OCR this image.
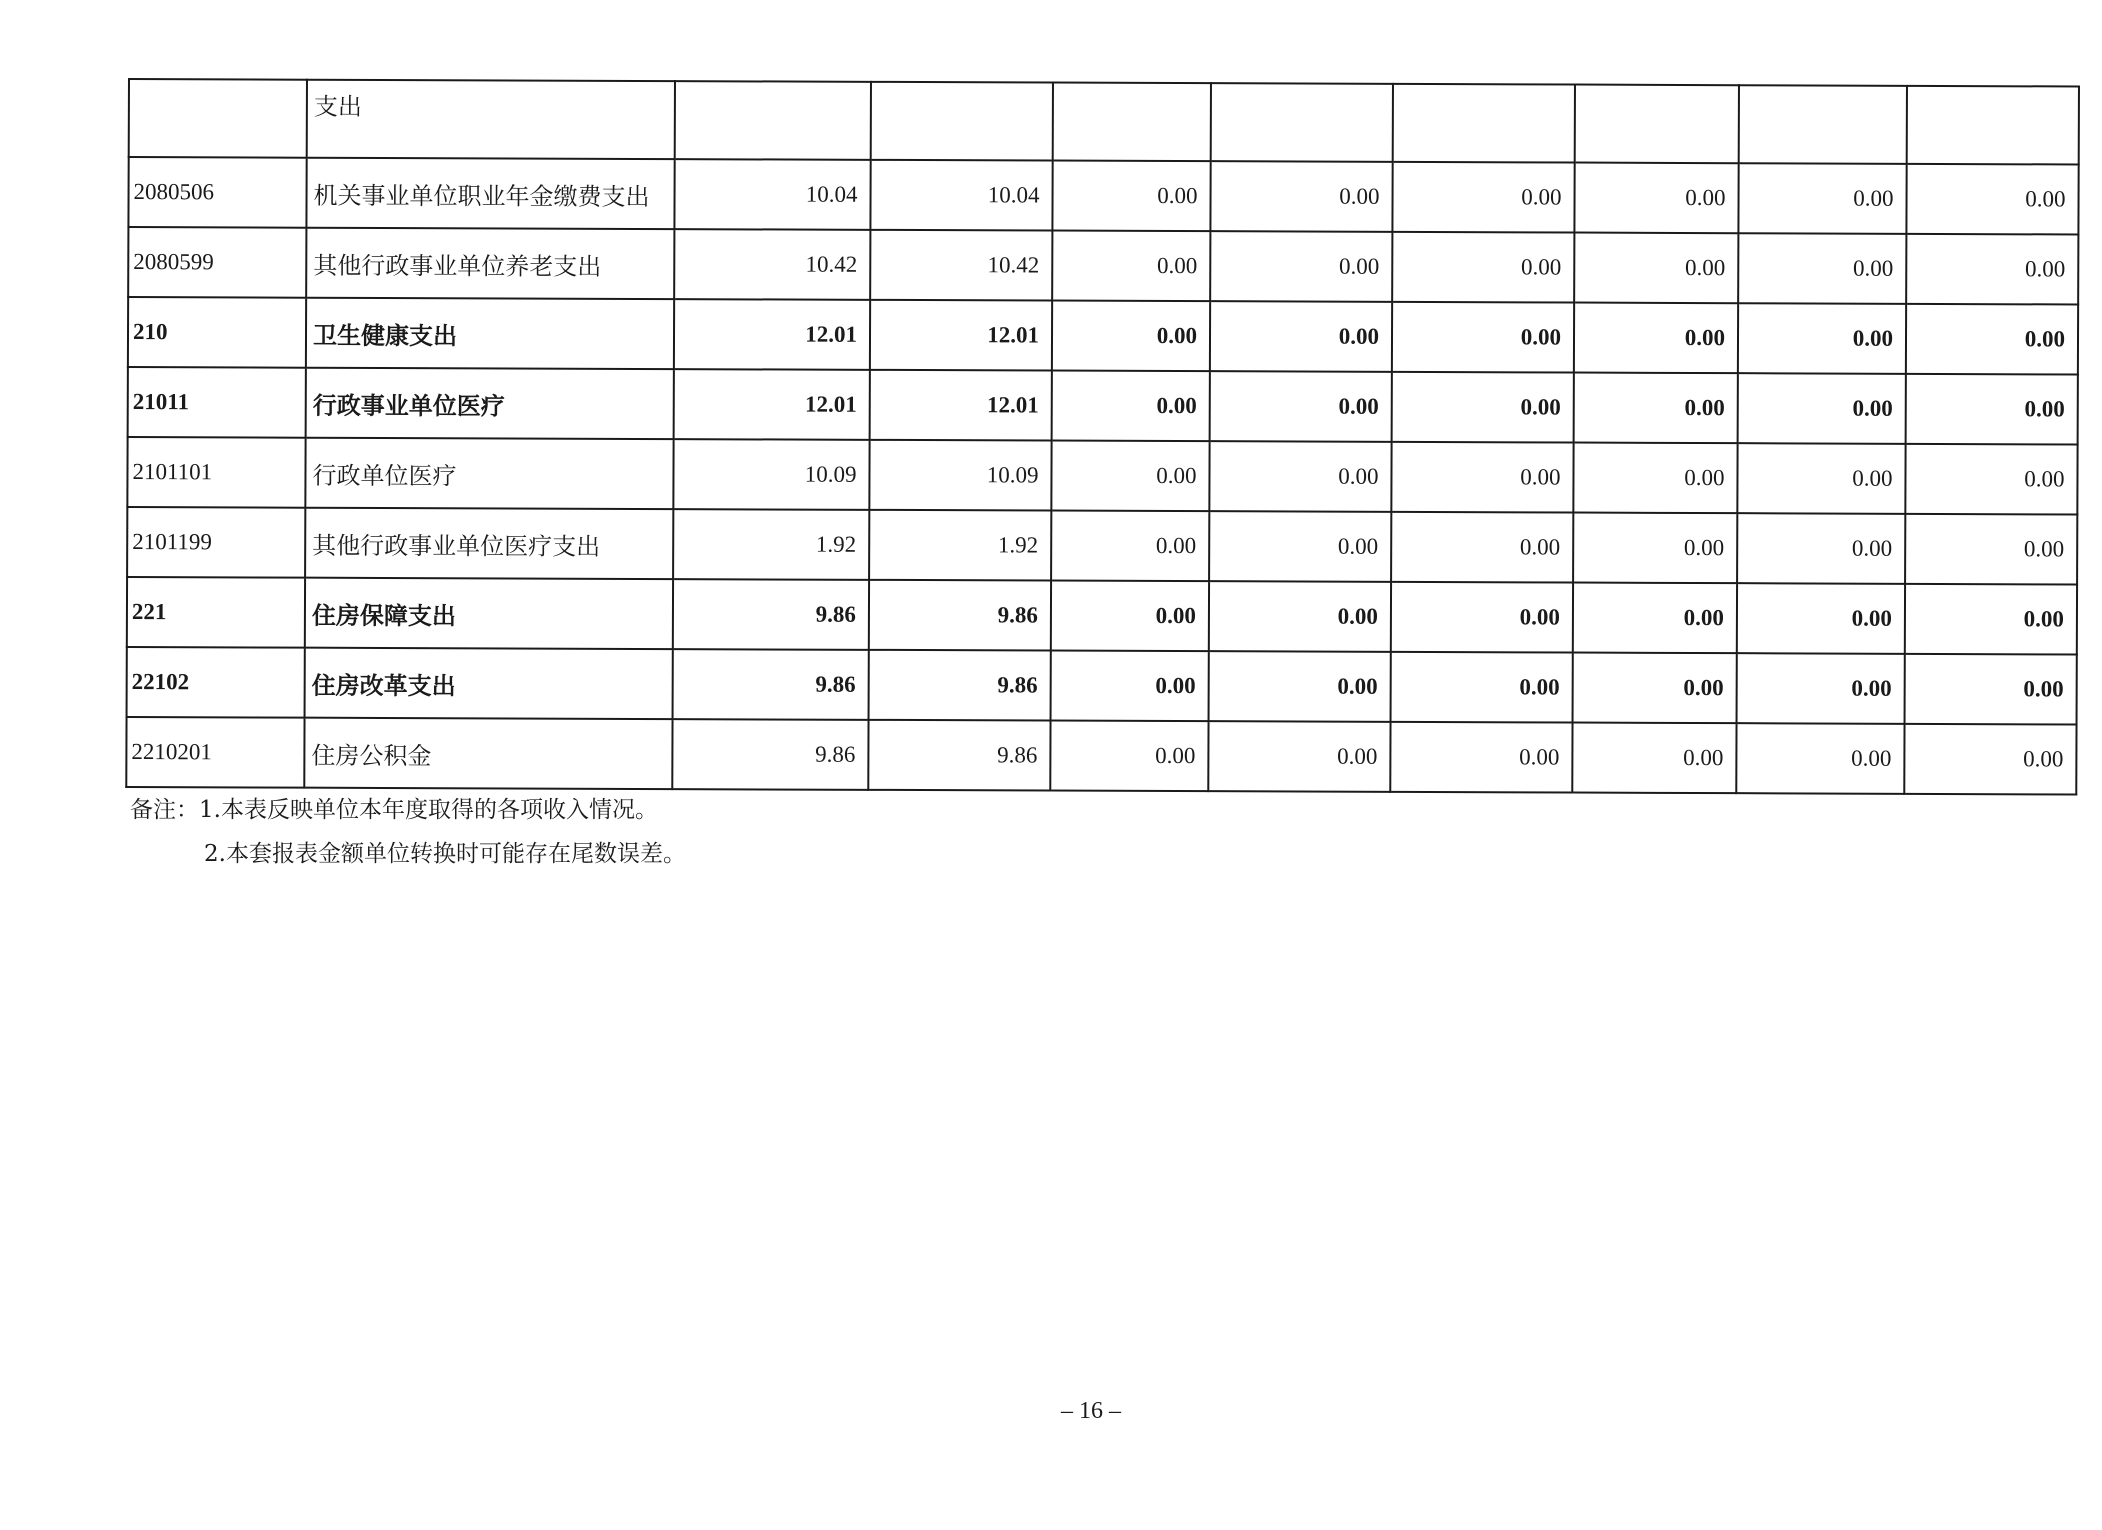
	支出								
2080506	机关事业单位职业年金缴费支出	10.04	10.04	0.00	0.00	0.00	0.00	0.00	0.00
2080599	其他行政事业单位养老支出	10.42	10.42	0.00	0.00	0.00	0.00	0.00	0.00
210	卫生健康支出	12.01	12.01	0.00	0.00	0.00	0.00	0.00	0.00
21011	行政事业单位医疗	12.01	12.01	0.00	0.00	0.00	0.00	0.00	0.00
2101101	行政单位医疗	10.09	10.09	0.00	0.00	0.00	0.00	0.00	0.00
2101199	其他行政事业单位医疗支出	1.92	1.92	0.00	0.00	0.00	0.00	0.00	0.00
221	住房保障支出	9.86	9.86	0.00	0.00	0.00	0.00	0.00	0.00
22102	住房改革支出	9.86	9.86	0.00	0.00	0.00	0.00	0.00	0.00
2210201	住房公积金	9.86	9.86	0.00	0.00	0.00	0.00	0.00	0.00
备注：1.本表反映单位本年度取得的各项收入情况。
2.本套报表金额单位转换时可能存在尾数误差。
– 16 –
